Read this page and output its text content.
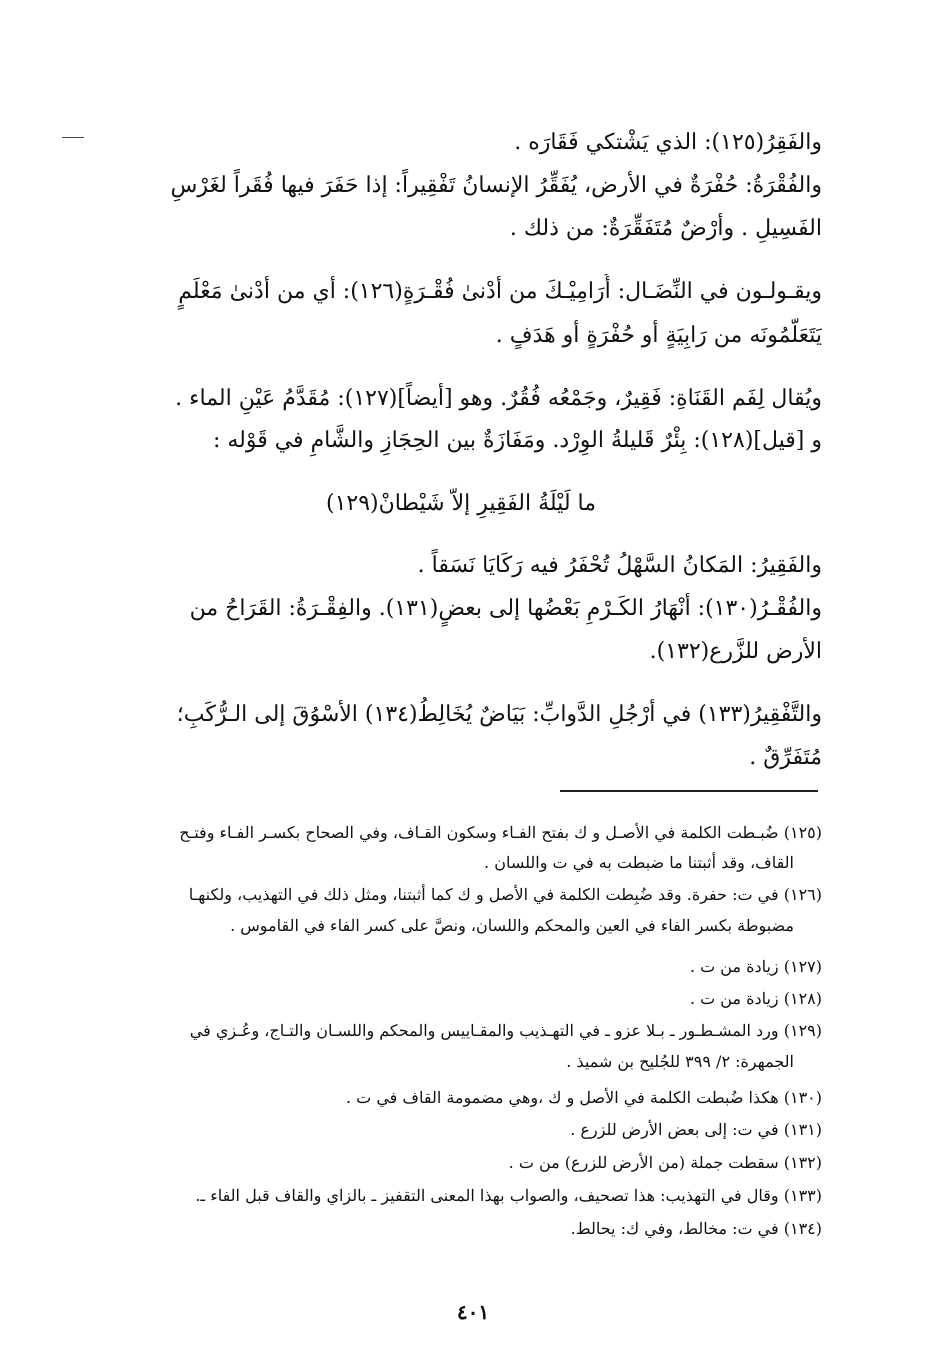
والفَقِرُ(١٢٥): الذي يَشْتكي فَقَارَه .
والفُقْرَةُ: حُفْرَةٌ في الأرض، يُفَقِّرُ الإنسانُ تَفْقِيراً: إذا حَفَرَ فيها فُقَراً لغَرْسِ
الفَسِيلِ . وأرْضٌ مُتَفَقِّرَةٌ: من ذلك .
ويقـولـون في النِّضَـال: أُرَامِيْـكَ من أدْنىٰ فُقْـرَةٍ(١٢٦): أي من أدْنىٰ مَعْلَمٍ
يَتَعَلَّمُونَه من رَابِيَةٍ أو حُفْرَةٍ أو هَدَفٍ .
ويُقال لِفَم القَنَاةِ: فَقِيرٌ، وجَمْعُه فُقُرٌ. وهو [أيضاً](١٢٧): مُقَدَّمُ عَيْنِ الماء .
و [قيل](١٢٨): بِئْرٌ قَليلةُ الوِرْد. ومَفَازَةٌ بين الحِجَازِ والشَّامِ في قَوْله :
ما لَيْلَةُ الفَقِيرِ إلاّ شَيْطانْ(١٢٩)
والفَقِيرُ: المَكانُ السَّهْلُ تُحْفَرُ فيه رَكَايَا نَسَقاً .
والفُقْـرُ(١٣٠): أنْهَارُ الكَـرْمِ بَعْضُها إلى بعضٍ(١٣١). والفِقْـرَةُ: القَرَاحُ من
الأرض للزَّرع(١٣٢).
والتَّفْقِيرُ(١٣٣) في أرْجُلِ الدَّوابِّ: بَيَاضٌ يُخَالِطُ(١٣٤) الأسْوُقَ إلى الـرُّكَبِ؛
مُتَفَرِّقٌ .
(١٢٥) ضُبـطت الكلمة في الأصـل و ك بفتح الفـاء وسكون القـاف، وفي الصحاح بكسـر الفـاء وفتـح
القاف، وقد أثبتنا ما ضبطت به في ت واللسان .
(١٢٦) في ت: حفرة. وقد ضُبِطت الكلمة في الأصل و ك كما أثبتنا، ومثل ذلك في التهذيب، ولكنهـا
مضبوطة بكسر الفاء في العين والمحكم واللسان، ونصَّ على كسر الفاء في القاموس .
(١٢٧) زيادة من ت .
(١٢٨) زيادة من ت .
(١٢٩) ورد المشـطـور ـ بـلا عزو ـ في التهـذيب والمقـاييس والمحكم واللسـان والتـاج، وعُـزي في
الجمهرة: ٢/ ٣٩٩ للجُليح بن شميذ .
(١٣٠) هكذا ضُبطت الكلمة في الأصل و ك ،وهي مضمومة القاف في ت .
(١٣١) في ت: إلى بعض الأرض للزرع .
(١٣٢) سقطت جملة (من الأرض للزرع) من ت .
(١٣٣) وقال في التهذيب: هذا تصحيف، والصواب بهذا المعنى التقفيز ـ بالزاي والقاف قبل الفاء ـ.
(١٣٤) في ت: مخالط، وفي ك: يحالط.
٤٠١
